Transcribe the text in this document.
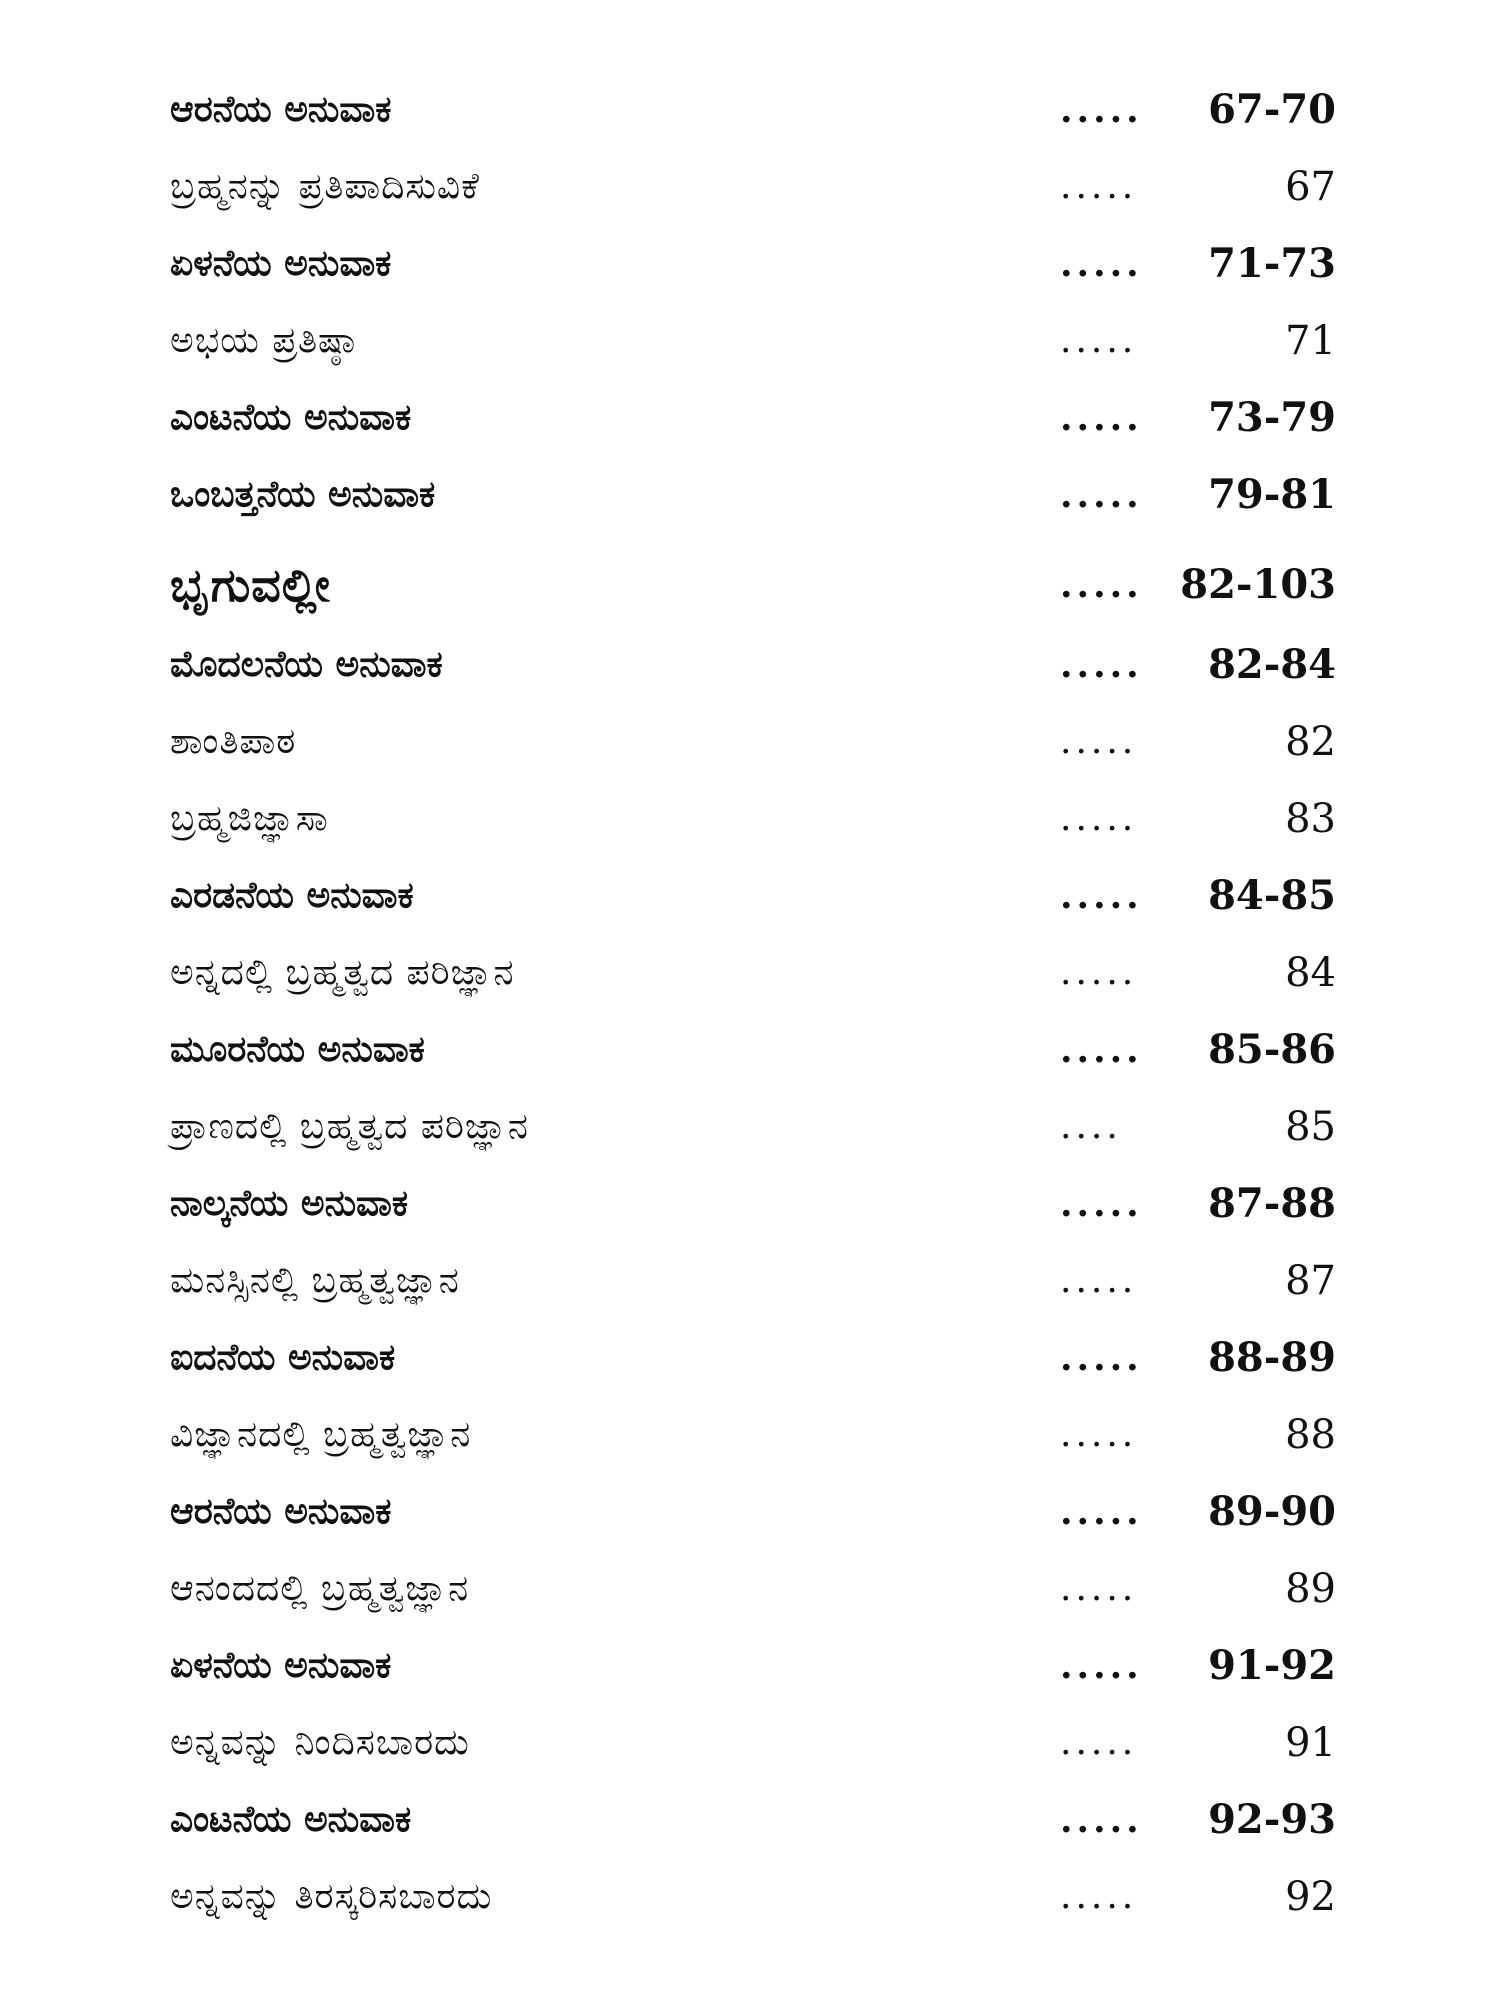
ಆರನೆಯ ಅನುವಾಕ	..... 67-70
ಬ್ರಹ್ಮನನ್ನು ಪ್ರತಿಪಾದಿಸುವಿಕೆ	.....	67
ಏಳನೆಯ ಅನುವಾಕ	..... 71-73
ಅಭಯ ಪ್ರತಿಷ್ಠಾ	.....	71
ಎಂಟನೆಯ ಅನುವಾಕ	..... 73-79
ಒಂಬತ್ತನೆಯ ಅನುವಾಕ	..... 79-81
ಭೃಗುವಲ್ಲೀ	..... 82-103
ಮೊದಲನೆಯ ಅನುವಾಕ	..... 82-84
ಶಾಂತಿಪಾಠ	.....	82
ಬ್ರಹ್ಮಜಿಜ್ಞಾಸಾ	.....	83
ಎರಡನೆಯ ಅನುವಾಕ	..... 84-85
ಅನ್ನದಲ್ಲಿ ಬ್ರಹ್ಮತ್ವದ ಪರಿಜ್ಞಾನ	.....	84
ಮೂರನೆಯ ಅನುವಾಕ	..... 85-86
ಪ್ರಾಣದಲ್ಲಿ ಬ್ರಹ್ಮತ್ವದ ಪರಿಜ್ಞಾನ	....	85
ನಾಲ್ಕನೆಯ ಅನುವಾಕ	..... 87-88
ಮನಸ್ಸಿನಲ್ಲಿ ಬ್ರಹ್ಮತ್ವಜ್ಞಾನ	.....	87
ಐದನೆಯ ಅನುವಾಕ	..... 88-89
ವಿಜ್ಞಾನದಲ್ಲಿ ಬ್ರಹ್ಮತ್ವಜ್ಞಾನ	.....	88
ಆರನೆಯ ಅನುವಾಕ	..... 89-90
ಆನಂದದಲ್ಲಿ ಬ್ರಹ್ಮತ್ವಜ್ಞಾನ	.....	89
ಏಳನೆಯ ಅನುವಾಕ	..... 91-92
ಅನ್ನವನ್ನು ನಿಂದಿಸಬಾರದು	.....	91
ಎಂಟನೆಯ ಅನುವಾಕ	..... 92-93
ಅನ್ನವನ್ನು ತಿರಸ್ಕರಿಸಬಾರದು	.....	92
